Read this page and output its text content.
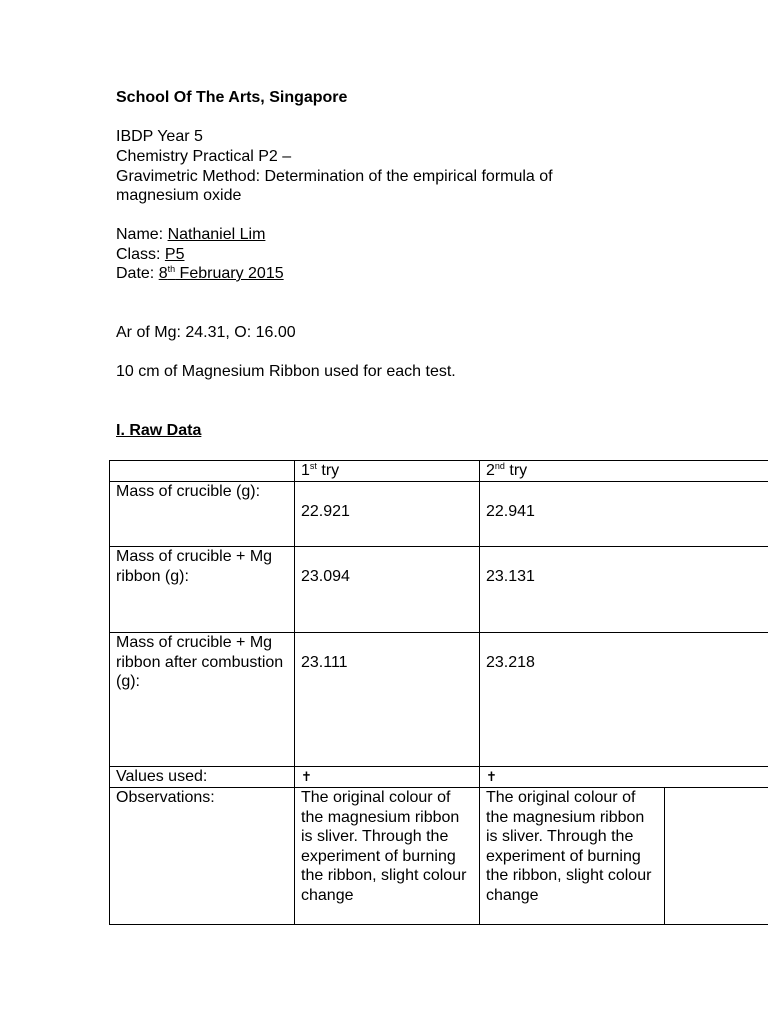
School Of The Arts, Singapore
IBDP Year 5
Chemistry Practical P2 –
Gravimetric Method: Determination of the empirical formula of
magnesium oxide
Name: Nathaniel Lim
Class: P5
Date: 8th February 2015
Ar of Mg: 24.31, O: 16.00
10 cm of Magnesium Ribbon used for each test.
I. Raw Data
	1st try	2nd try
Mass of crucible (g):	22.921	22.941

Mass of crucible + Mg ribbon (g):	23.094	23.131

Mass of crucible + Mg ribbon after combustion (g):	23.111	23.218

Values used:	✝	✝
Observations:	The original colour of the magnesium ribbon is sliver. Through the experiment of burning the ribbon, slight colour change	The original colour of the magnesium ribbon is sliver. Through the experiment of burning the ribbon, slight colour change
